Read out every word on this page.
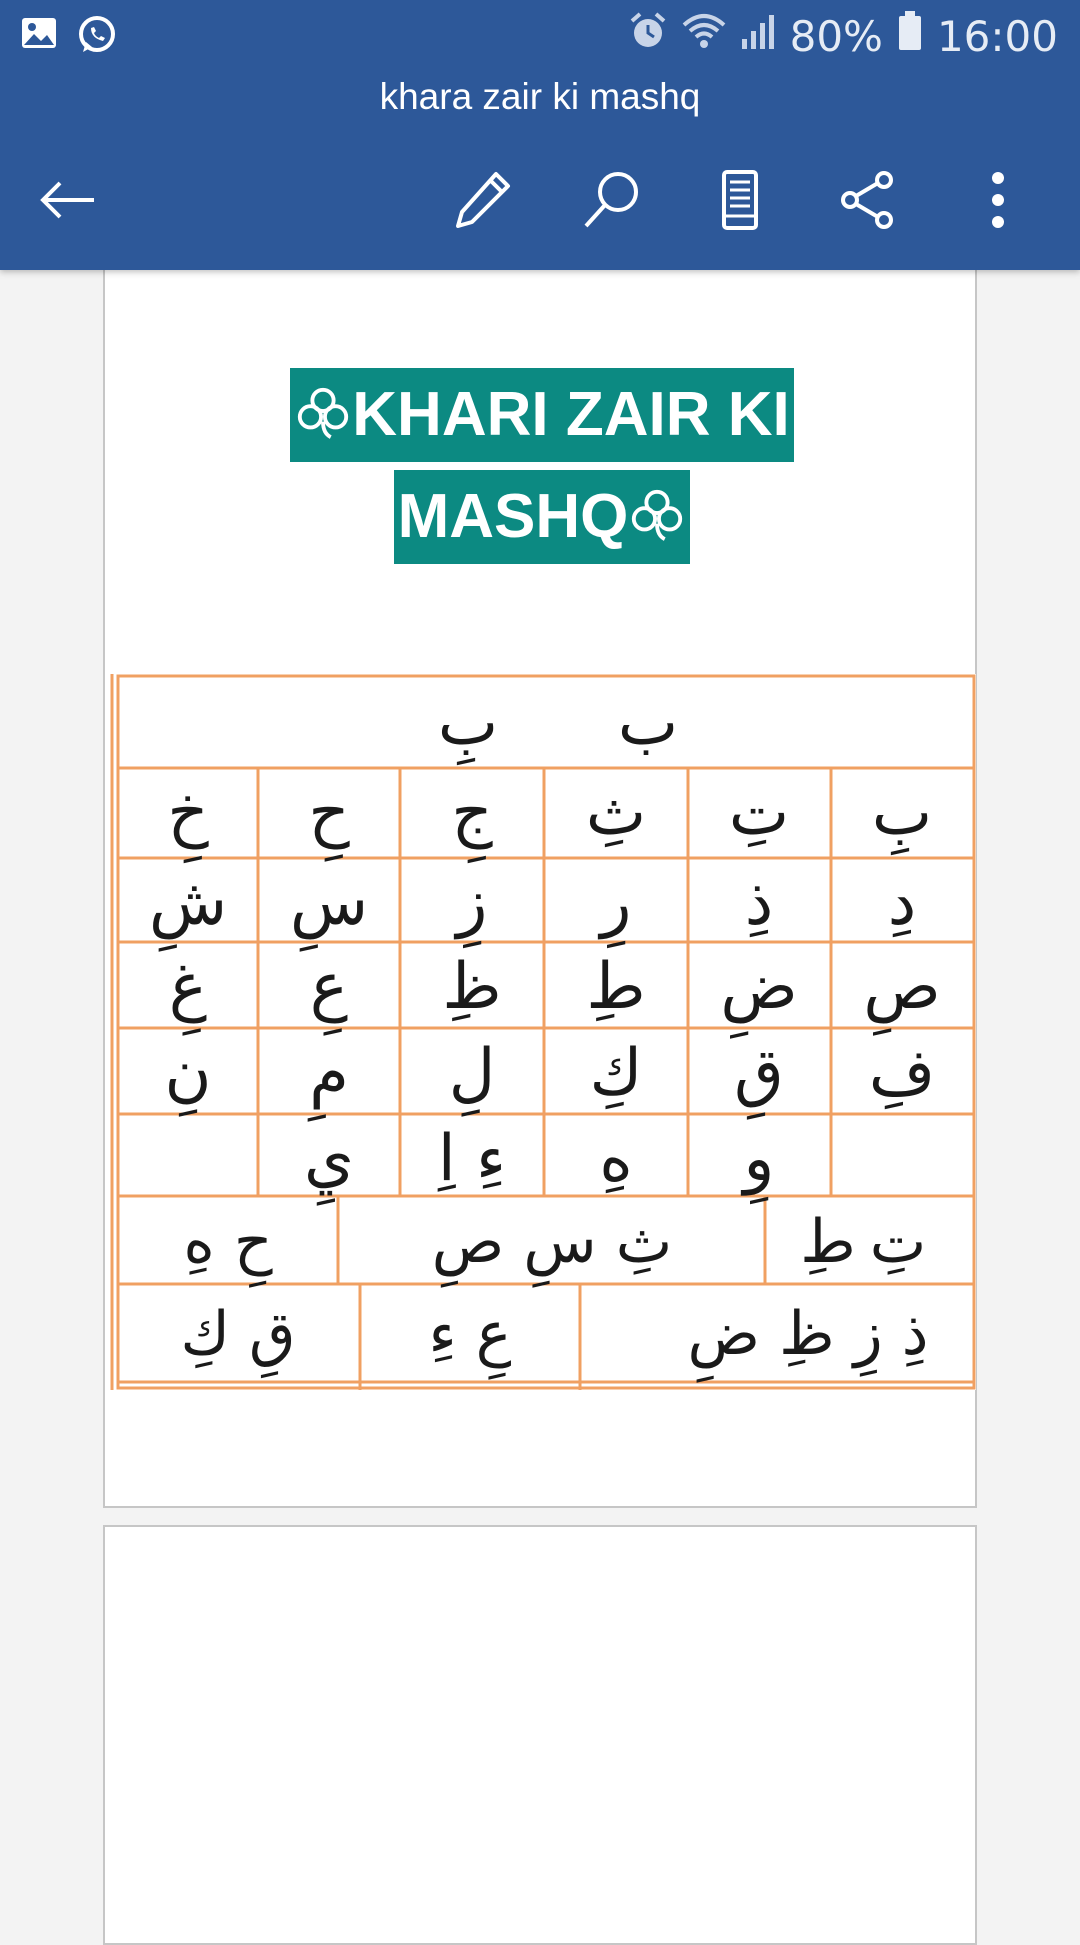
80% 16:00
khara zair ki mashq
KHARI ZAIR KI
MASHQ
بِ ب
بِ
تِ
ثِ
جِ
حِ
خِ
دِ
ذِ
رِ
زِ
سِ
شِ
صِ
ضِ
طِ
ظِ
عِ
غِ
فِ
قِ
كِ
لِ
مِ
نِ
وِ
هِ
ءِ اِ
يِ
تِ
طِ
ثِ سِ صِ
حِ هِ
ذِ زِ ظِ ضِ
عِ ءِ
قِ كِ
